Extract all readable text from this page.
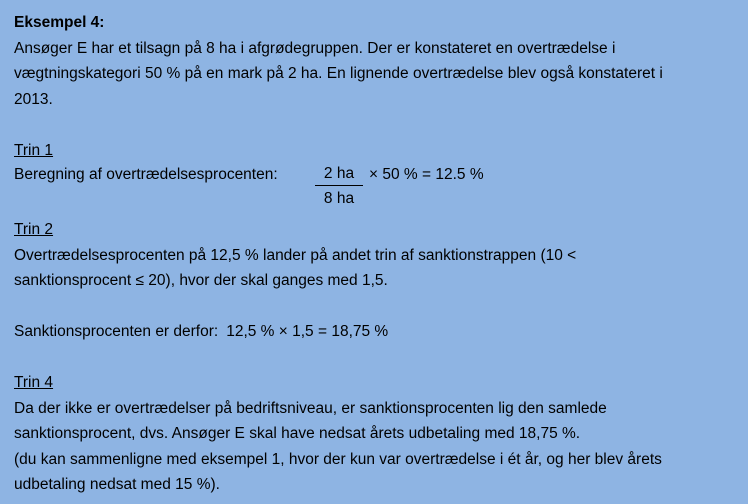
Eksempel 4:
Ansøger E har et tilsagn på 8 ha i afgrødegruppen. Der er konstateret en overtrædelse i
vægtningskategori 50 % på en mark på 2 ha. En lignende overtrædelse blev også konstateret i
2013.
Trin 1
Beregning af overtrædelsesprocenten: $\frac{2 ha}{8 ha} \times 50$ % = 12.5 %
Trin 2
Overtrædelsesprocenten på 12,5 % lander på andet trin af sanktionstrappen (10 <
sanktionsprocent ≤ 20), hvor der skal ganges med 1,5.
Sanktionsprocenten er derfor: 12,5 % × 1,5 = 18,75 %
Trin 4
Da der ikke er overtrædelser på bedriftsniveau, er sanktionsprocenten lig den samlede
sanktionsprocent, dvs. Ansøger E skal have nedsat årets udbetaling med 18,75 %.
(du kan sammenligne med eksempel 1, hvor der kun var overtrædelse i ét år, og her blev årets
udbetaling nedsat med 15 %).
